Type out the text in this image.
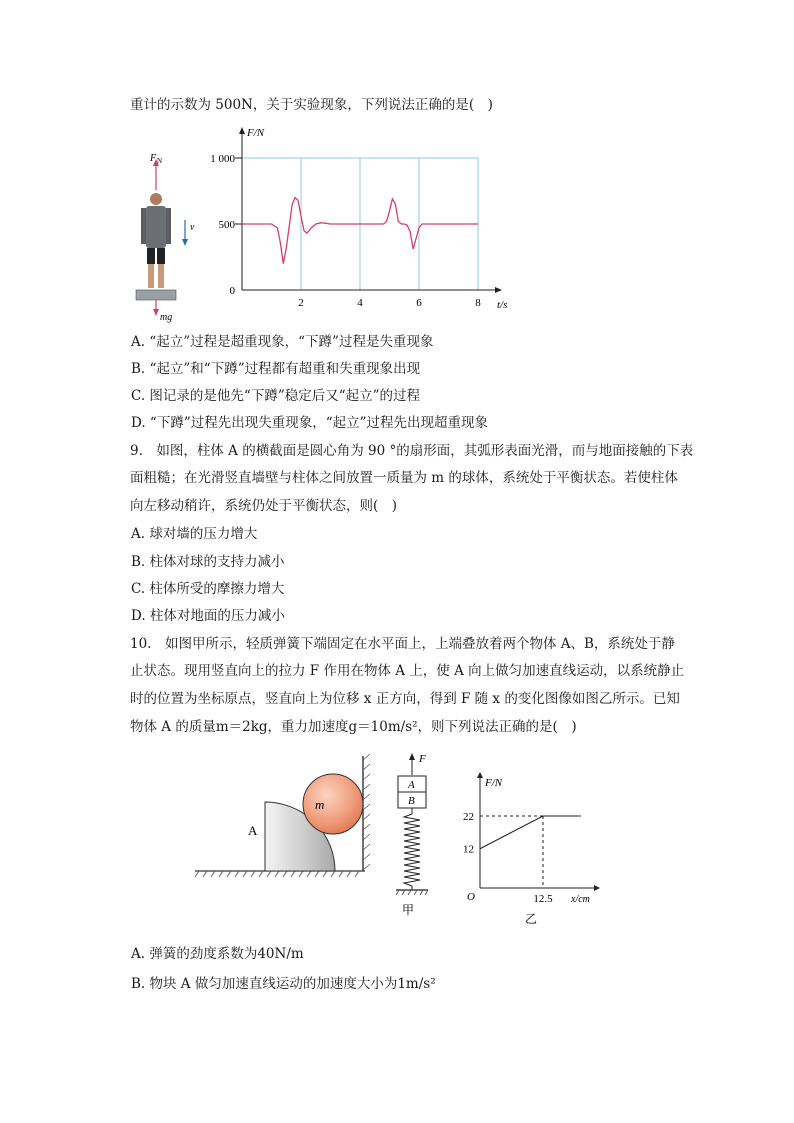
重计的示数为 500N，关于实验现象，下列说法正确的是(　)
F N
v
mg
F/N
t/s
0
500
1 000
2	4	6	8
A. “起立”过程是超重现象，“下蹲”过程是失重现象
B. “起立”和“下蹲”过程都有超重和失重现象出现
C. 图记录的是他先“下蹲”稳定后又“起立”的过程
D. “下蹲”过程先出现失重现象，“起立”过程先出现超重现象
9.　如图，柱体 A 的横截面是圆心角为 90 °的扇形面，其弧形表面光滑，而与地面接触的下表
面粗糙；在光滑竖直墙壁与柱体之间放置一质量为 m 的球体，系统处于平衡状态。若使柱体
向左移动稍许，系统仍处于平衡状态，则(　)
A. 球对墙的压力增大
B. 柱体对球的支持力减小
C. 柱体所受的摩擦力增大
D. 柱体对地面的压力减小
10.　如图甲所示，轻质弹簧下端固定在水平面上，上端叠放着两个物体 A、B，系统处于静
止状态。现用竖直向上的拉力 F 作用在物体 A 上，使 A 向上做匀加速直线运动，以系统静止
时的位置为坐标原点，竖直向上为位移 x 正方向，得到 F 随 x 的变化图像如图乙所示。已知
物体 A 的质量m＝2kg，重力加速度g＝10m/s²，则下列说法正确的是(　)
m
A
F
A
B
甲
F/N
x/cm
O
12
22
12.5
乙
A. 弹簧的劲度系数为40N/m
B. 物块 A 做匀加速直线运动的加速度大小为1m/s²
